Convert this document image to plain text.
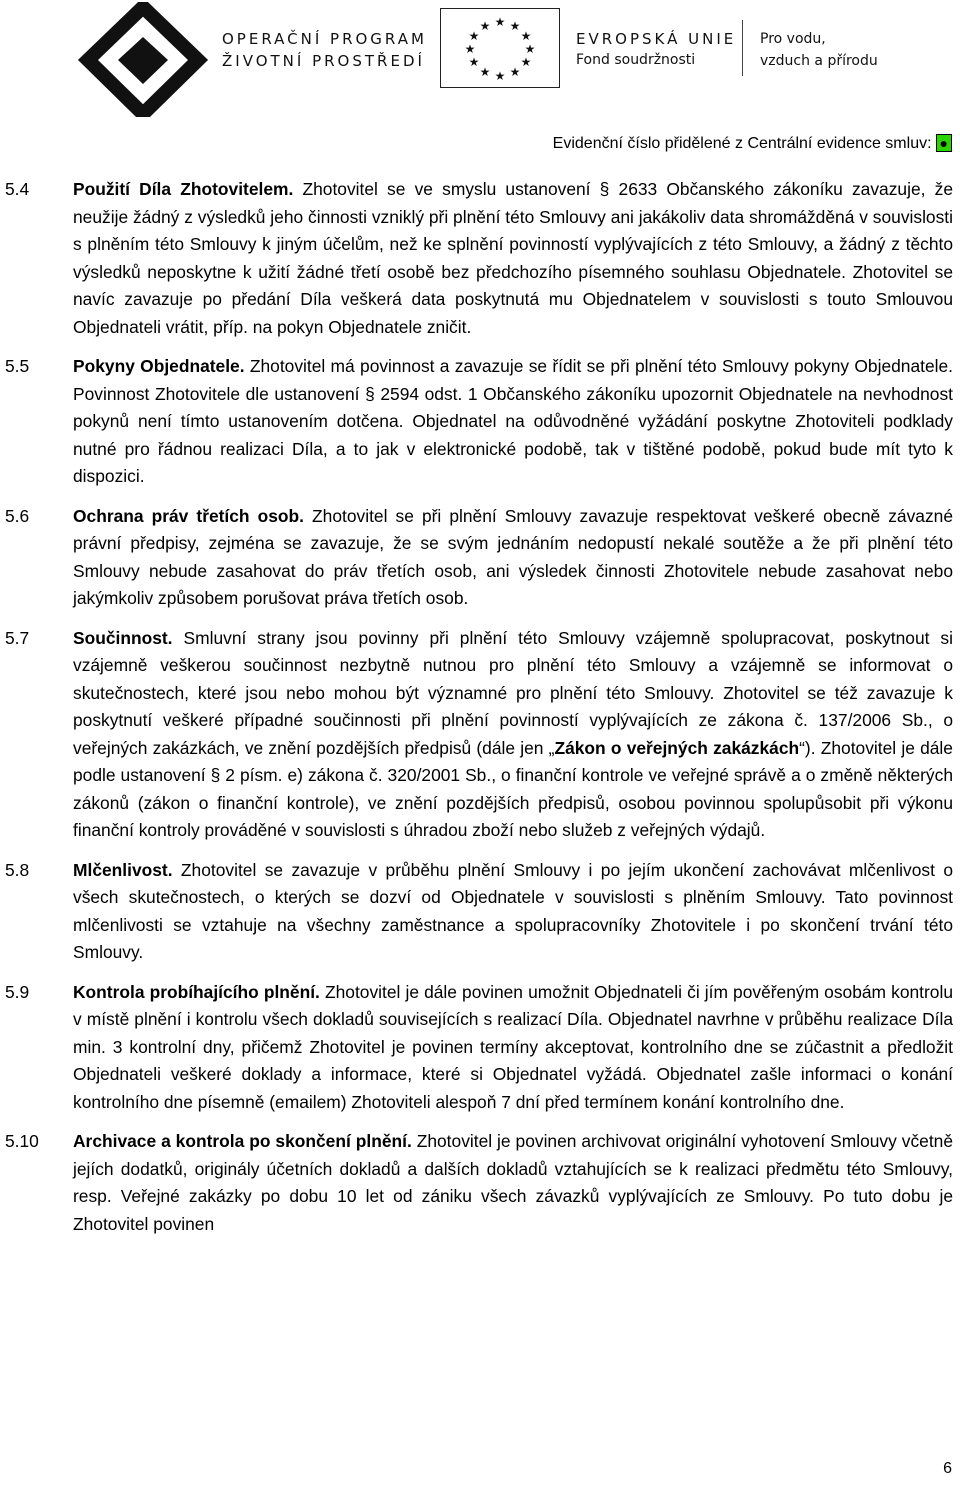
OPERAČNÍ PROGRAM
ŽIVOTNÍ PROSTŘEDÍ
★ ★
★
★
★
★
★
★
★
★
★
★
EVROPSKÁ UNIE
Fond soudržnosti
Pro vodu,
vzduch a přírodu
Evidenční číslo přidělené z Centrální evidence smluv: ●
5.4	Použití Díla Zhotovitelem. Zhotovitel se ve smyslu ustanovení § 2633 Občanského zákoníku zavazuje, že neužije žádný z výsledků jeho činnosti vzniklý při plnění této Smlouvy ani jakákoliv data shromážděná v souvislosti s plněním této Smlouvy k jiným účelům, než ke splnění povinností vyplývajících z této Smlouvy, a žádný z těchto výsledků neposkytne k užití žádné třetí osobě bez předchozího písemného souhlasu Objednatele. Zhotovitel se navíc zavazuje po předání Díla veškerá data poskytnutá mu Objednatelem v souvislosti s touto Smlouvou Objednateli vrátit, příp. na pokyn Objednatele zničit.
5.5	Pokyny Objednatele. Zhotovitel má povinnost a zavazuje se řídit se při plnění této Smlouvy pokyny Objednatele. Povinnost Zhotovitele dle ustanovení § 2594 odst. 1 Občanského zákoníku upozornit Objednatele na nevhodnost pokynů není tímto ustanovením dotčena. Objednatel na odůvodněné vyžádání poskytne Zhotoviteli podklady nutné pro řádnou realizaci Díla, a to jak v elektronické podobě, tak v tištěné podobě, pokud bude mít tyto k dispozici.
5.6	Ochrana práv třetích osob. Zhotovitel se při plnění Smlouvy zavazuje respektovat veškeré obecně závazné právní předpisy, zejména se zavazuje, že se svým jednáním nedopustí nekalé soutěže a že při plnění této Smlouvy nebude zasahovat do práv třetích osob, ani výsledek činnosti Zhotovitele nebude zasahovat nebo jakýmkoliv způsobem porušovat práva třetích osob.
5.7	Součinnost. Smluvní strany jsou povinny při plnění této Smlouvy vzájemně spolupracovat, poskytnout si vzájemně veškerou součinnost nezbytně nutnou pro plnění této Smlouvy a vzájemně se informovat o skutečnostech, které jsou nebo mohou být významné pro plnění této Smlouvy. Zhotovitel se též zavazuje k poskytnutí veškeré případné součinnosti při plnění povinností vyplývajících ze zákona č. 137/2006 Sb., o veřejných zakázkách, ve znění pozdějších předpisů (dále jen „Zákon o veřejných zakázkách“). Zhotovitel je dále podle ustanovení § 2 písm. e) zákona č. 320/2001 Sb., o finanční kontrole ve veřejné správě a o změně některých zákonů (zákon o finanční kontrole), ve znění pozdějších předpisů, osobou povinnou spolupůsobit při výkonu finanční kontroly prováděné v souvislosti s úhradou zboží nebo služeb z veřejných výdajů.
5.8	Mlčenlivost. Zhotovitel se zavazuje v průběhu plnění Smlouvy i po jejím ukončení zachovávat mlčenlivost o všech skutečnostech, o kterých se dozví od Objednatele v souvislosti s plněním Smlouvy. Tato povinnost mlčenlivosti se vztahuje na všechny zaměstnance a spolupracovníky Zhotovitele i po skončení trvání této Smlouvy.
5.9	Kontrola probíhajícího plnění. Zhotovitel je dále povinen umožnit Objednateli či jím pověřeným osobám kontrolu v místě plnění i kontrolu všech dokladů souvisejících s realizací Díla. Objednatel navrhne v průběhu realizace Díla min. 3 kontrolní dny, přičemž Zhotovitel je povinen termíny akceptovat, kontrolního dne se zúčastnit a předložit Objednateli veškeré doklady a informace, které si Objednatel vyžádá. Objednatel zašle informaci o konání kontrolního dne písemně (emailem) Zhotoviteli alespoň 7 dní před termínem konání kontrolního dne.
5.10 Archivace a kontrola po skončení plnění. Zhotovitel je povinen archivovat originální vyhotovení Smlouvy včetně jejích dodatků, originály účetních dokladů a dalších dokladů vztahujících se k realizaci předmětu této Smlouvy, resp. Veřejné zakázky po dobu 10 let od zániku všech závazků vyplývajících ze Smlouvy. Po tuto dobu je Zhotovitel povinen
6
